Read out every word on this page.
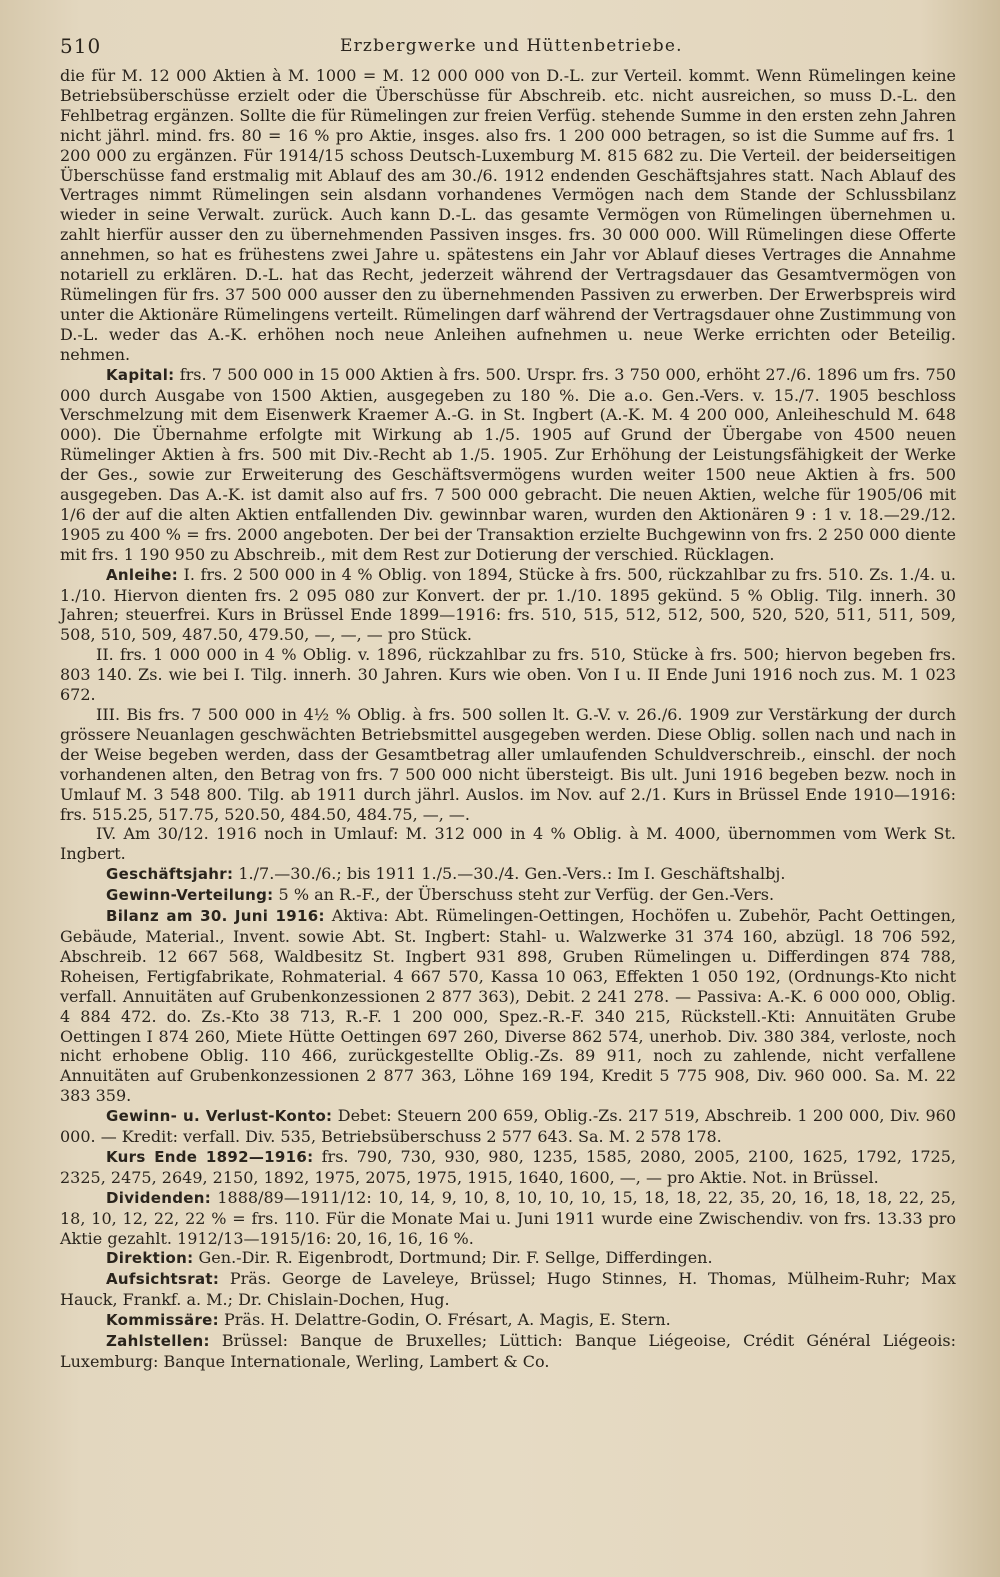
510	Erzbergwerke und Hüttenbetriebe.

die für M. 12 000 Aktien à M. 1000 = M. 12 000 000 von D.-L. zur Verteil. kommt. Wenn Rümelingen keine Betriebsüberschüsse erzielt oder die Überschüsse für Abschreib. etc. nicht ausreichen, so muss D.-L. den Fehlbetrag ergänzen. Sollte die für Rümelingen zur freien Verfüg. stehende Summe in den ersten zehn Jahren nicht jährl. mind. frs. 80 = 16 % pro Aktie, insges. also frs. 1 200 000 betragen, so ist die Summe auf frs. 1 200 000 zu ergänzen. Für 1914/15 schoss Deutsch-Luxemburg M. 815 682 zu. Die Verteil. der beiderseitigen Überschüsse fand erstmalig mit Ablauf des am 30./6. 1912 endenden Geschäftsjahres statt. Nach Ablauf des Vertrages nimmt Rümelingen sein alsdann vorhandenes Vermögen nach dem Stande der Schlussbilanz wieder in seine Verwalt. zurück. Auch kann D.-L. das gesamte Vermögen von Rümelingen übernehmen u. zahlt hierfür ausser den zu übernehmenden Passiven insges. frs. 30 000 000. Will Rümelingen diese Offerte annehmen, so hat es frühestens zwei Jahre u. spätestens ein Jahr vor Ablauf dieses Vertrages die Annahme notariell zu erklären. D.-L. hat das Recht, jederzeit während der Vertragsdauer das Gesamtvermögen von Rümelingen für frs. 37 500 000 ausser den zu übernehmenden Passiven zu erwerben. Der Erwerbspreis wird unter die Aktionäre Rümelingens verteilt. Rümelingen darf während der Vertragsdauer ohne Zustimmung von D.-L. weder das A.-K. erhöhen noch neue Anleihen aufnehmen u. neue Werke errichten oder Beteilig. nehmen.

Kapital: frs. 7 500 000 in 15 000 Aktien à frs. 500. Urspr. frs. 3 750 000, erhöht 27./6. 1896 um frs. 750 000 durch Ausgabe von 1500 Aktien, ausgegeben zu 180 %. Die a.o. Gen.-Vers. v. 15./7. 1905 beschloss Verschmelzung mit dem Eisenwerk Kraemer A.-G. in St. Ingbert (A.-K. M. 4 200 000, Anleiheschuld M. 648 000). Die Übernahme erfolgte mit Wirkung ab 1./5. 1905 auf Grund der Übergabe von 4500 neuen Rümelinger Aktien à frs. 500 mit Div.-Recht ab 1./5. 1905. Zur Erhöhung der Leistungsfähigkeit der Werke der Ges., sowie zur Erweiterung des Geschäftsvermögens wurden weiter 1500 neue Aktien à frs. 500 ausgegeben. Das A.-K. ist damit also auf frs. 7 500 000 gebracht. Die neuen Aktien, welche für 1905/06 mit 1/6 der auf die alten Aktien entfallenden Div. gewinnbar waren, wurden den Aktionären 9 : 1 v. 18.—29./12. 1905 zu 400 % = frs. 2000 angeboten. Der bei der Transaktion erzielte Buchgewinn von frs. 2 250 000 diente mit frs. 1 190 950 zu Abschreib., mit dem Rest zur Dotierung der verschied. Rücklagen.

Anleihe: I. frs. 2 500 000 in 4 % Oblig. von 1894, Stücke à frs. 500, rückzahlbar zu frs. 510. Zs. 1./4. u. 1./10. Hiervon dienten frs. 2 095 080 zur Konvert. der pr. 1./10. 1895 gekünd. 5 % Oblig. Tilg. innerh. 30 Jahren; steuerfrei. Kurs in Brüssel Ende 1899—1916: frs. 510, 515, 512, 512, 500, 520, 520, 511, 511, 509, 508, 510, 509, 487.50, 479.50, —, —, — pro Stück.

II. frs. 1 000 000 in 4 % Oblig. v. 1896, rückzahlbar zu frs. 510, Stücke à frs. 500; hiervon begeben frs. 803 140. Zs. wie bei I. Tilg. innerh. 30 Jahren. Kurs wie oben. Von I u. II Ende Juni 1916 noch zus. M. 1 023 672.

III. Bis frs. 7 500 000 in 4½ % Oblig. à frs. 500 sollen lt. G.-V. v. 26./6. 1909 zur Verstärkung der durch grössere Neuanlagen geschwächten Betriebsmittel ausgegeben werden. Diese Oblig. sollen nach und nach in der Weise begeben werden, dass der Gesamtbetrag aller umlaufenden Schuldverschreib., einschl. der noch vorhandenen alten, den Betrag von frs. 7 500 000 nicht übersteigt. Bis ult. Juni 1916 begeben bezw. noch in Umlauf M. 3 548 800. Tilg. ab 1911 durch jährl. Auslos. im Nov. auf 2./1. Kurs in Brüssel Ende 1910—1916: frs. 515.25, 517.75, 520.50, 484.50, 484.75, —, —.

IV. Am 30/12. 1916 noch in Umlauf: M. 312 000 in 4 % Oblig. à M. 4000, übernommen vom Werk St. Ingbert.

Geschäftsjahr: 1./7.—30./6.; bis 1911 1./5.—30./4. Gen.-Vers.: Im I. Geschäftshalbj.

Gewinn-Verteilung: 5 % an R.-F., der Überschuss steht zur Verfüg. der Gen.-Vers.

Bilanz am 30. Juni 1916: Aktiva: Abt. Rümelingen-Oettingen, Hochöfen u. Zubehör, Pacht Oettingen, Gebäude, Material., Invent. sowie Abt. St. Ingbert: Stahl- u. Walzwerke 31 374 160, abzügl. 18 706 592, Abschreib. 12 667 568, Waldbesitz St. Ingbert 931 898, Gruben Rümelingen u. Differdingen 874 788, Roheisen, Fertigfabrikate, Rohmaterial. 4 667 570, Kassa 10 063, Effekten 1 050 192, (Ordnungs-Kto nicht verfall. Annuitäten auf Grubenkonzessionen 2 877 363), Debit. 2 241 278. — Passiva: A.-K. 6 000 000, Oblig. 4 884 472. do. Zs.-Kto 38 713, R.-F. 1 200 000, Spez.-R.-F. 340 215, Rückstell.-Kti: Annuitäten Grube Oettingen I 874 260, Miete Hütte Oettingen 697 260, Diverse 862 574, unerhob. Div. 380 384, verloste, noch nicht erhobene Oblig. 110 466, zurückgestellte Oblig.-Zs. 89 911, noch zu zahlende, nicht verfallene Annuitäten auf Grubenkonzessionen 2 877 363, Löhne 169 194, Kredit 5 775 908, Div. 960 000. Sa. M. 22 383 359.

Gewinn- u. Verlust-Konto: Debet: Steuern 200 659, Oblig.-Zs. 217 519, Abschreib. 1 200 000, Div. 960 000. — Kredit: verfall. Div. 535, Betriebsüberschuss 2 577 643. Sa. M. 2 578 178.

Kurs Ende 1892—1916: frs. 790, 730, 930, 980, 1235, 1585, 2080, 2005, 2100, 1625, 1792, 1725, 2325, 2475, 2649, 2150, 1892, 1975, 2075, 1975, 1915, 1640, 1600, —, — pro Aktie. Not. in Brüssel.

Dividenden: 1888/89—1911/12: 10, 14, 9, 10, 8, 10, 10, 10, 15, 18, 18, 22, 35, 20, 16, 18, 18, 22, 25, 18, 10, 12, 22, 22 % = frs. 110. Für die Monate Mai u. Juni 1911 wurde eine Zwischendiv. von frs. 13.33 pro Aktie gezahlt. 1912/13—1915/16: 20, 16, 16, 16 %.

Direktion: Gen.-Dir. R. Eigenbrodt, Dortmund; Dir. F. Sellge, Differdingen.

Aufsichtsrat: Präs. George de Laveleye, Brüssel; Hugo Stinnes, H. Thomas, Mülheim-Ruhr; Max Hauck, Frankf. a. M.; Dr. Chislain-Dochen, Hug.

Kommissäre: Präs. H. Delattre-Godin, O. Frésart, A. Magis, E. Stern.

Zahlstellen: Brüssel: Banque de Bruxelles; Lüttich: Banque Liégeoise, Crédit Général Liégeois: Luxemburg: Banque Internationale, Werling, Lambert & Co.
